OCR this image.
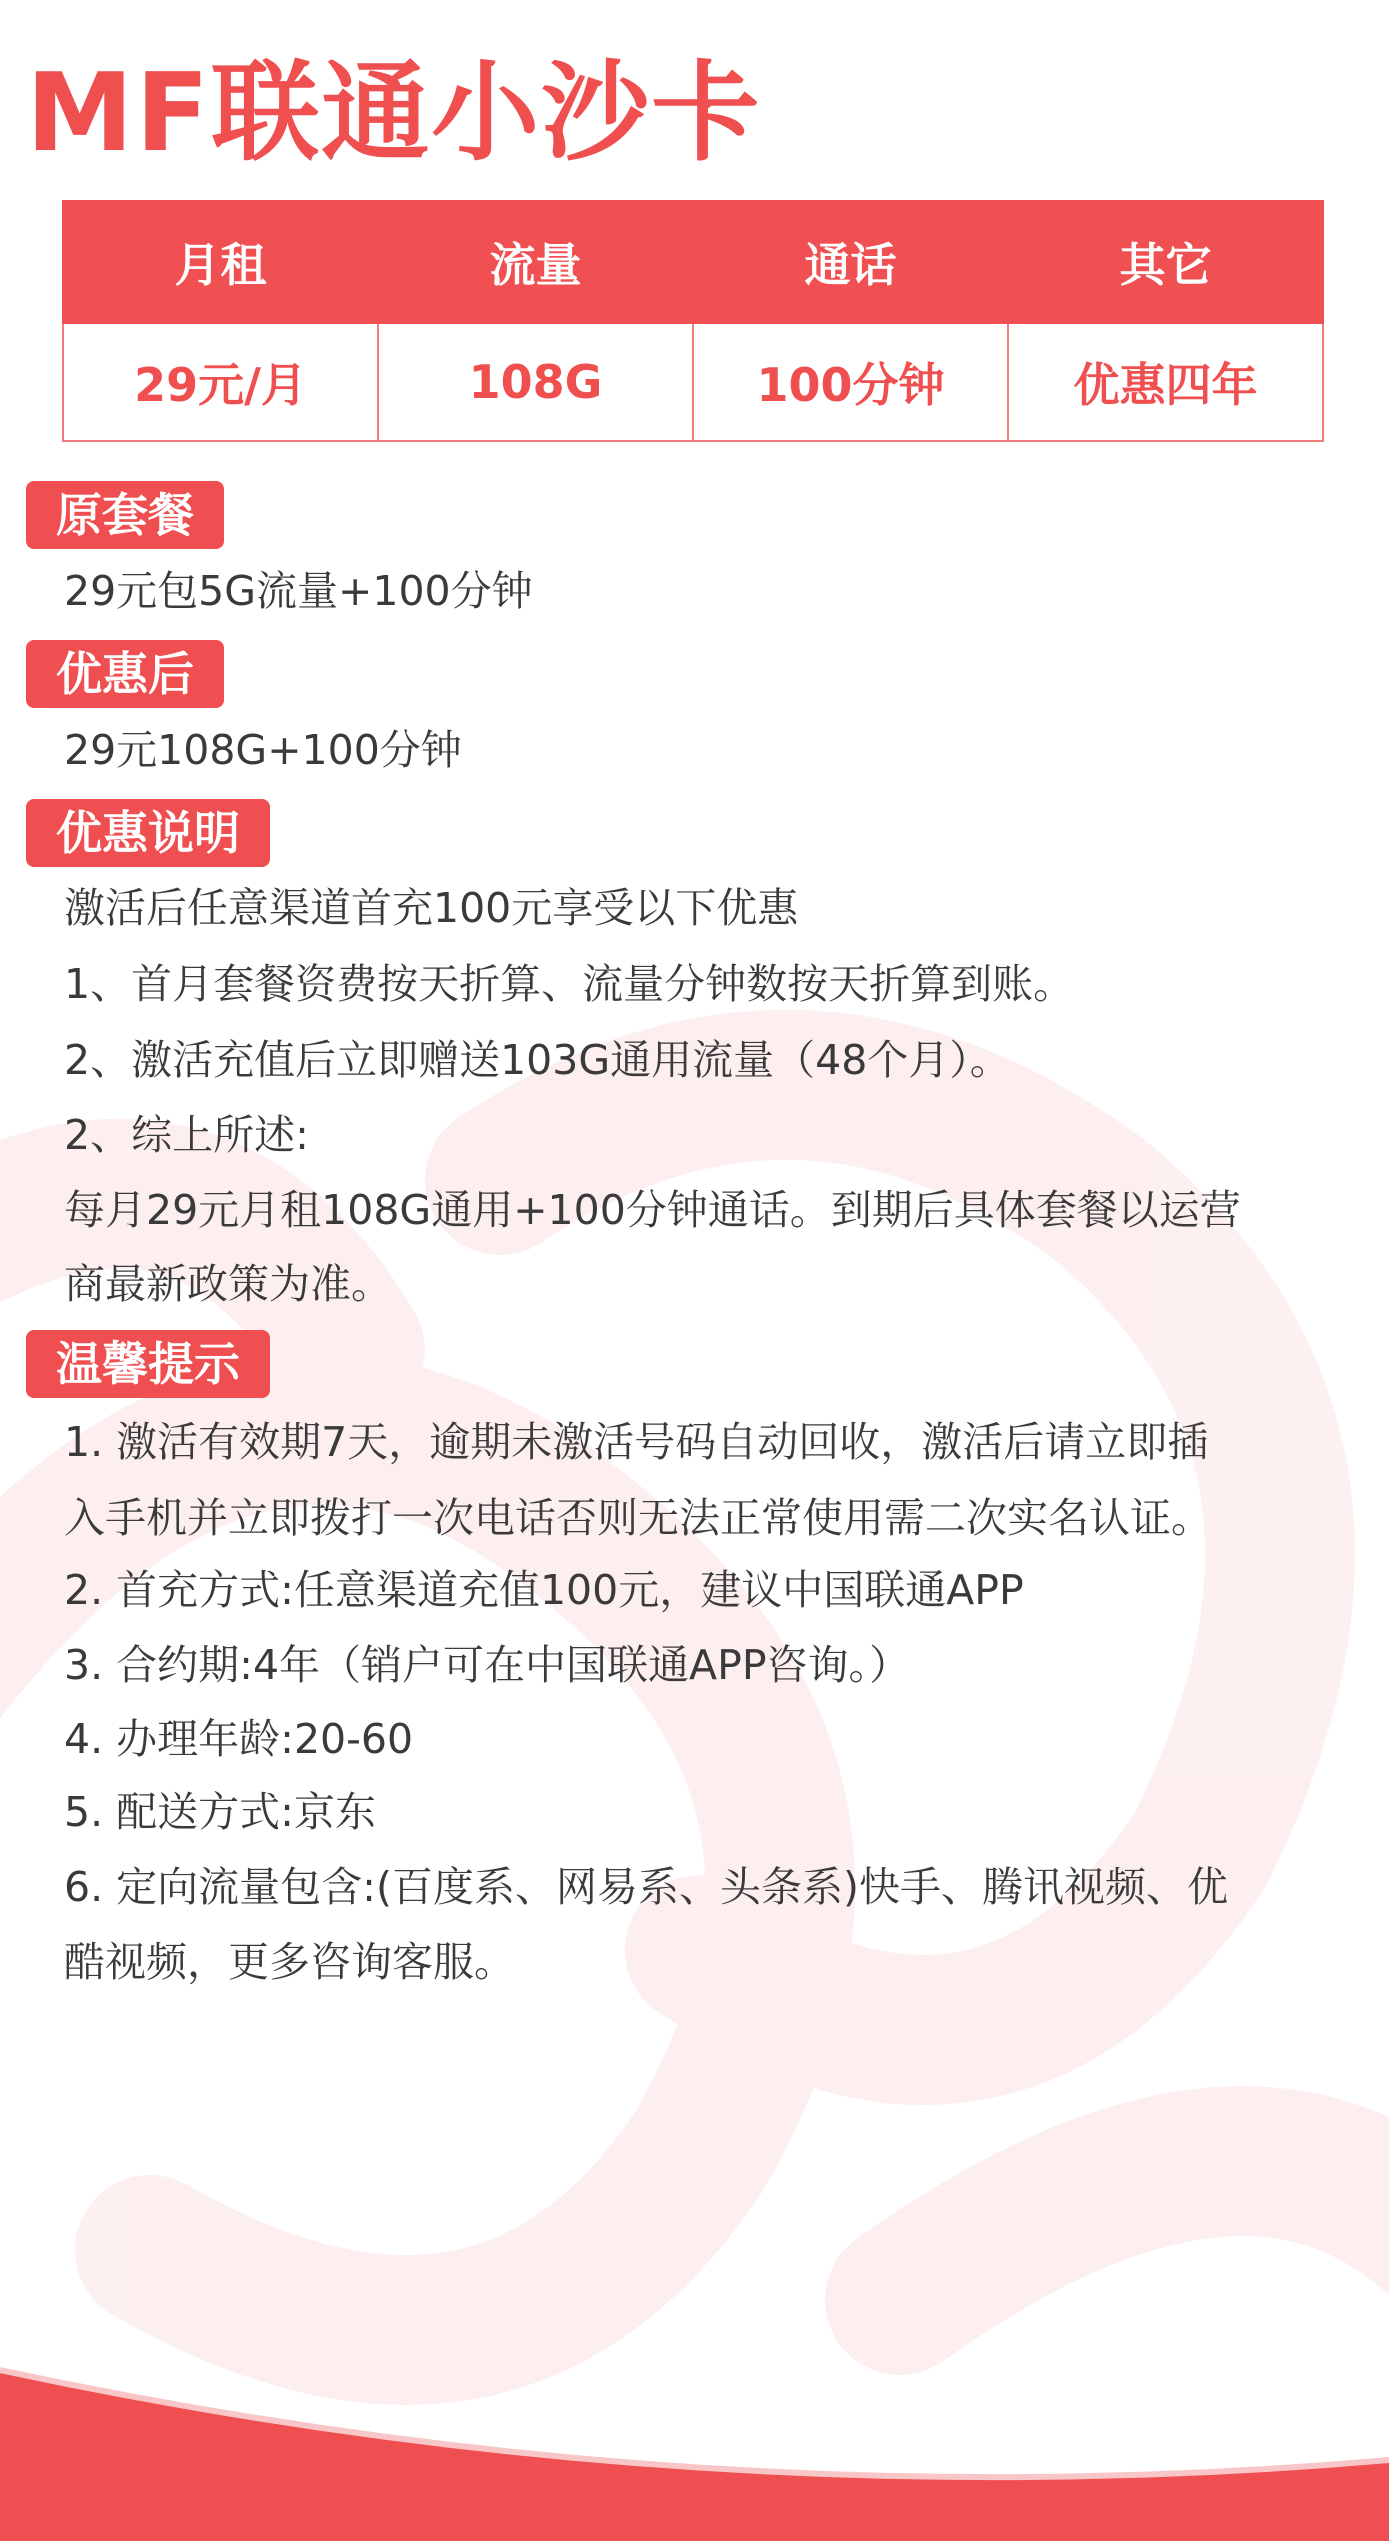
MF联通小沙卡
月租	流量	通话	其它
29元/月	108G	100分钟	优惠四年
原套餐
29元包5G流量+100分钟
优惠后
29元108G+100分钟
优惠说明
激活后任意渠道首充100元享受以下优惠
1、首月套餐资费按天折算、流量分钟数按天折算到账。
2、激活充值后立即赠送103G通用流量（48个月）。
2、综上所述:
每月29元月租108G通用+100分钟通话。到期后具体套餐以运营
商最新政策为准。
温馨提示
1. 激活有效期7天，逾期未激活号码自动回收，激活后请立即插
入手机并立即拨打一次电话否则无法正常使用需二次实名认证。
2. 首充方式:任意渠道充值100元，建议中国联通APP
3. 合约期:4年（销户可在中国联通APP咨询。）
4. 办理年龄:20-60
5. 配送方式:京东
6. 定向流量包含:(百度系、网易系、头条系)快手、腾讯视频、优
酷视频，更多咨询客服。
